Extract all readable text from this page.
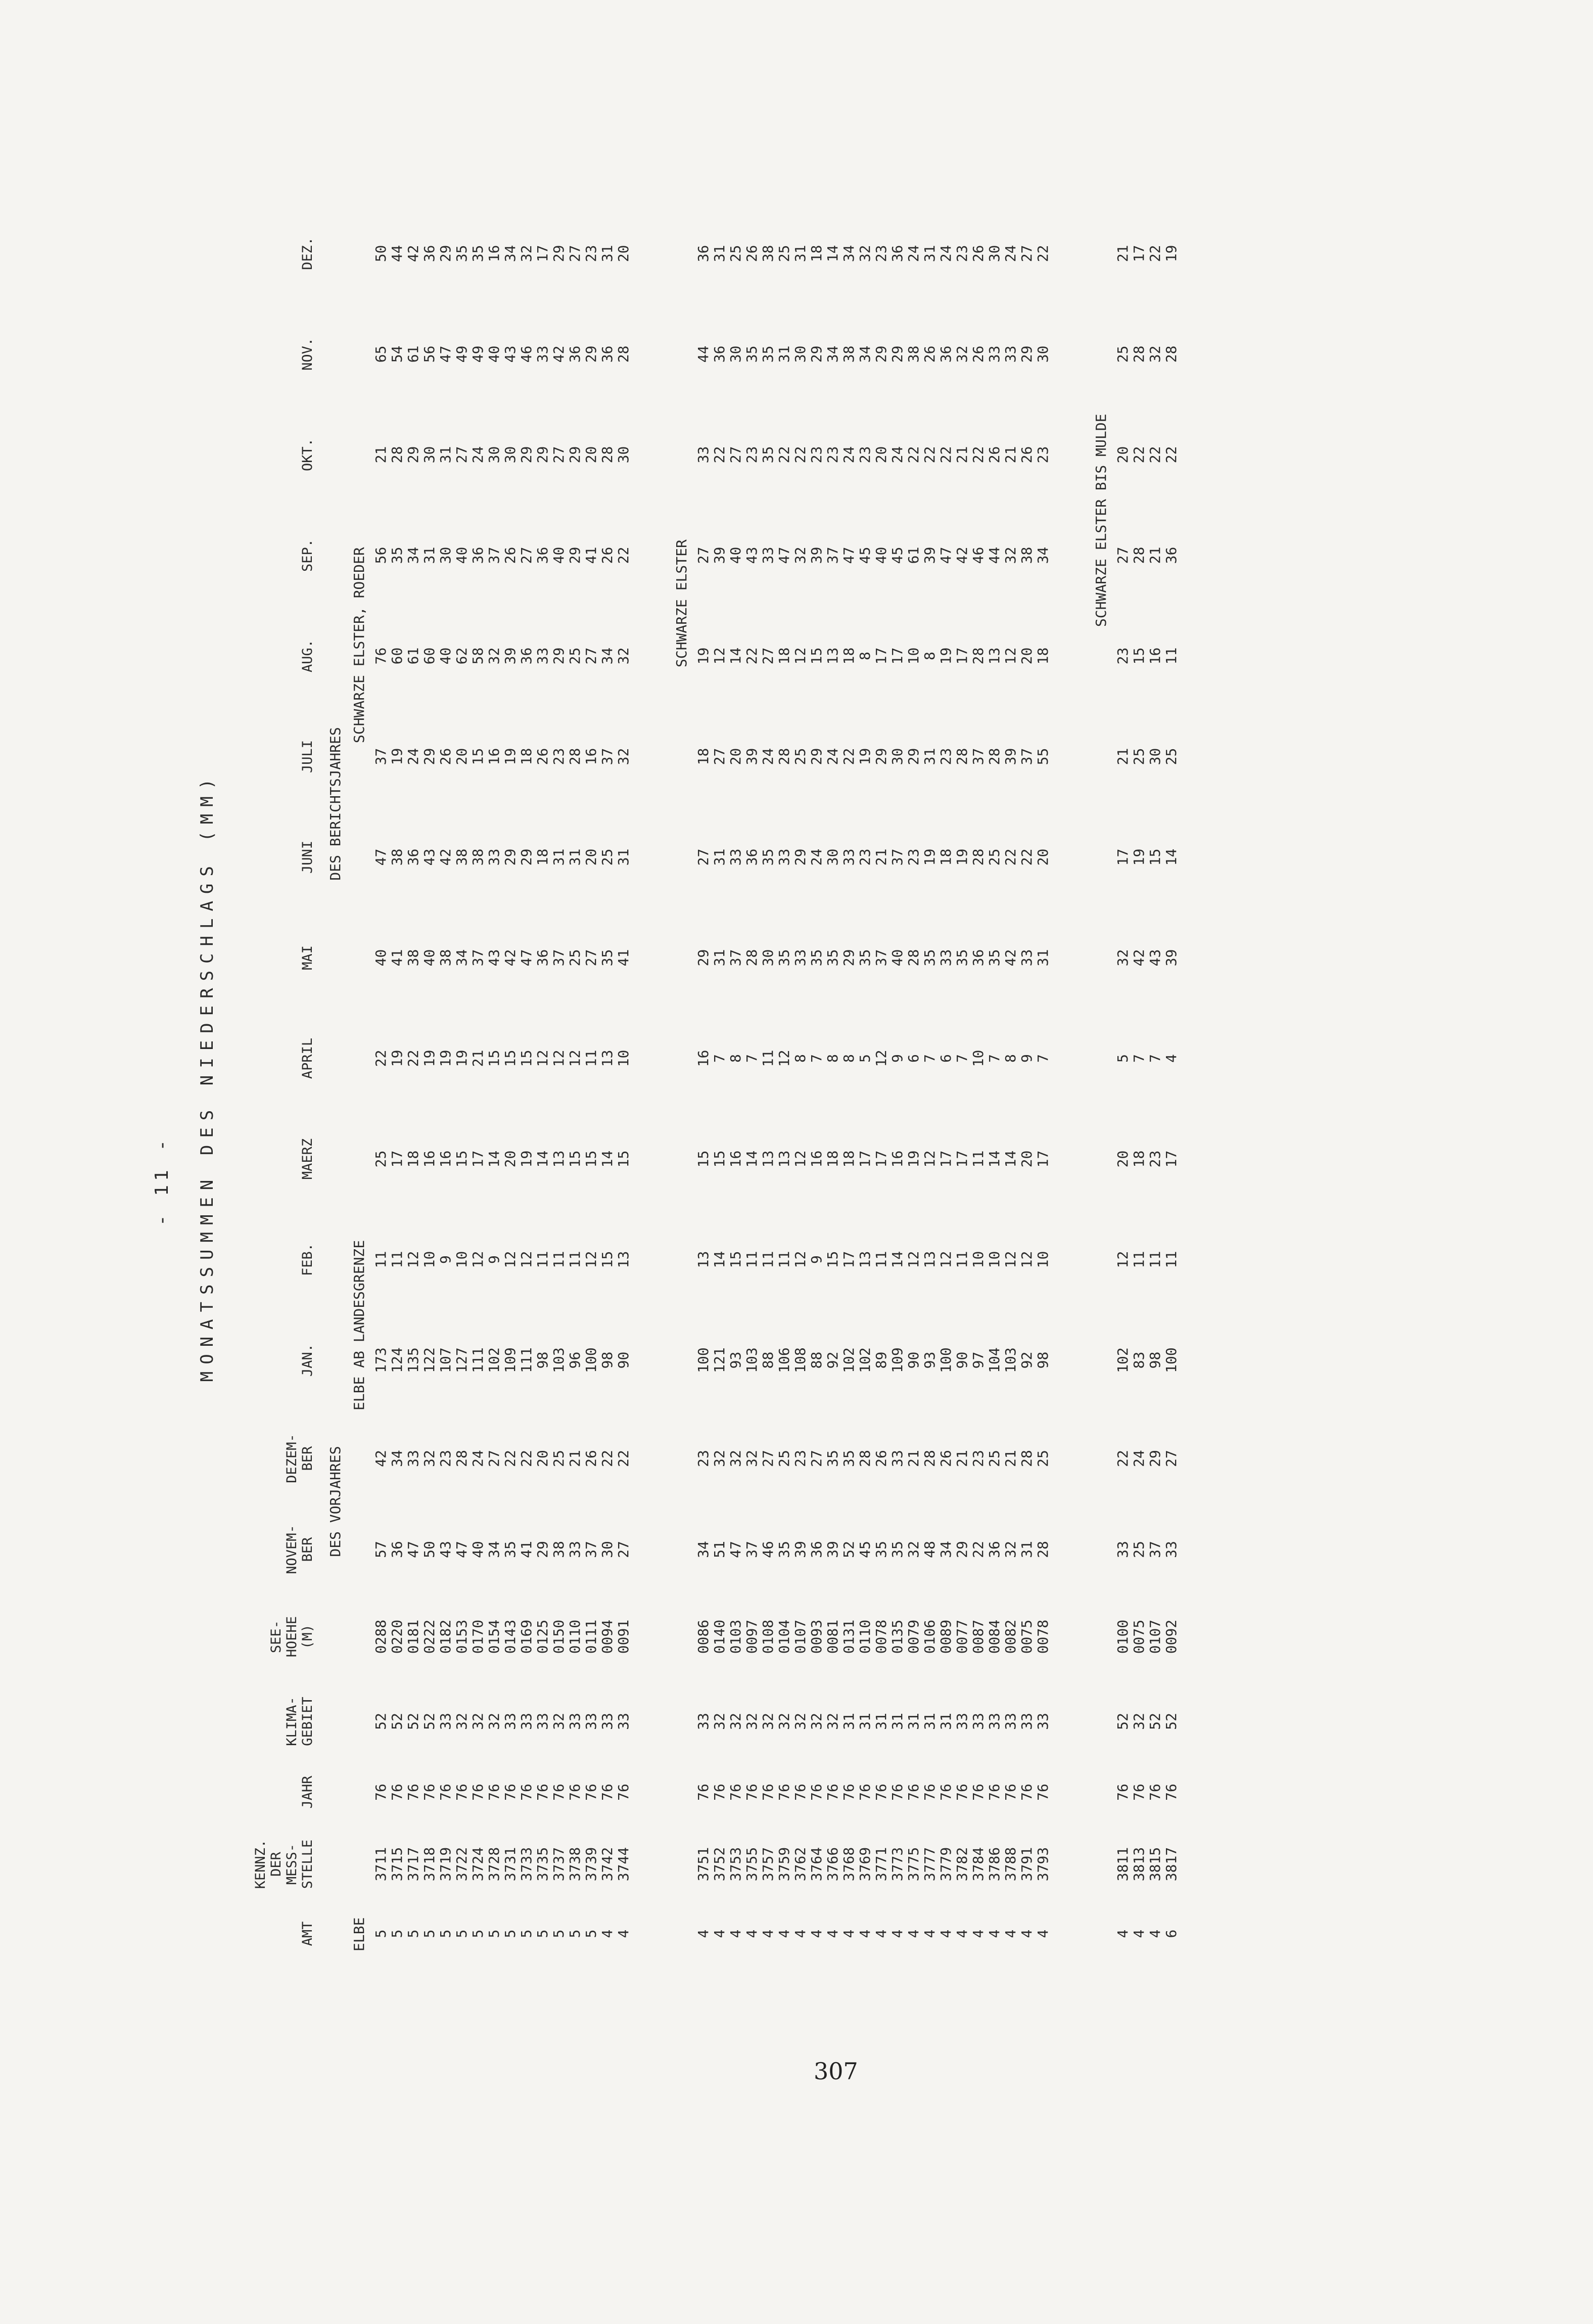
- 11 - MONATSSUMMEN DES NIEDERSCHLAGS (MM)
AMT
KENNZ.
DER
MESS-
STELLE
JAHR
KLIMA-
GEBIET
SEE-
HOEHE
(M)
NOVEM-
BER
DEZEM-
BER
JAN.
FEB.
MAERZ
APRIL
MAI
JUNI
JULI
AUG.
SEP.
OKT.
NOV.
DEZ.
DES VORJAHRES
DES BERICHTSJAHRES
ELBE
ELBE AB LANDESGRENZE
SCHWARZE ELSTER, ROEDER
5
3711
76
52
0288
57
42
173
11
25
22
40
47
37
76
56
21
65
50
5
3715
76
52
0220
36
34
124
11
17
19
41
38
19
60
35
28
54
44
5
3717
76
52
0181
47
33
135
12
18
22
38
36
24
61
34
29
61
42
5
3718
76
52
0222
50
32
122
10
16
19
40
43
29
60
31
30
56
36
5
3719
76
33
0182
43
23
107
9
16
19
38
42
26
40
30
31
47
29
5
3722
76
32
0153
47
28
127
10
15
19
34
38
20
62
40
27
49
35
5
3724
76
32
0170
40
24
111
12
17
21
37
38
15
58
36
24
49
35
5
3728
76
32
0154
34
27
102
9
14
15
43
33
16
32
37
30
40
16
5
3731
76
33
0143
35
22
109
12
20
15
42
29
19
39
26
30
43
34
5
3733
76
33
0169
41
22
111
12
19
15
47
29
18
36
27
29
46
32
5
3735
76
33
0125
29
20
98
11
14
12
36
18
26
33
36
29
33
17
5
3737
76
32
0150
38
25
103
11
13
12
37
31
23
29
40
27
42
29
5
3738
76
33
0110
33
21
96
11
15
12
25
31
28
25
29
29
36
27
5
3739
76
33
0111
37
26
100
12
15
11
27
20
16
27
41
20
29
23
4
3742
76
33
0094
30
22
98
15
14
13
35
25
37
34
26
28
36
31
4
3744
76
33
0091
27
22
90
13
15
10
41
31
32
32
22
30
28
20
SCHWARZE ELSTER
4
3751
76
33
0086
34
23
100
13
15
16
29
27
18
19
27
33
44
36
4
3752
76
32
0140
51
32
121
14
15
7
31
31
27
12
39
22
36
31
4
3753
76
32
0103
47
32
93
15
16
8
37
33
20
14
40
27
30
25
4
3755
76
32
0097
37
32
103
11
14
7
28
36
39
22
43
23
35
26
4
3757
76
32
0108
46
27
88
11
13
11
30
35
24
27
33
35
35
38
4
3759
76
32
0104
35
25
106
11
13
12
35
33
28
18
47
22
31
25
4
3762
76
32
0107
39
23
108
12
12
8
33
29
25
12
32
22
30
31
4
3764
76
32
0093
36
27
88
9
16
7
35
24
29
15
39
23
29
18
4
3766
76
32
0081
39
35
92
15
18
8
35
30
24
13
37
23
34
14
4
3768
76
31
0131
52
35
102
17
18
8
29
33
22
18
47
24
38
34
4
3769
76
31
0110
45
28
102
13
17
5
35
23
19
8
45
23
34
32
4
3771
76
31
0078
35
26
89
11
17
12
37
21
29
17
40
20
29
23
4
3773
76
31
0135
35
33
109
14
16
9
40
37
30
17
45
24
29
36
4
3775
76
31
0079
32
21
90
12
19
6
28
23
29
10
61
22
38
24
4
3777
76
31
0106
48
28
93
13
12
7
35
19
31
8
39
22
26
31
4
3779
76
31
0089
34
26
100
12
17
6
33
18
23
19
47
22
36
24
4
3782
76
33
0077
29
21
90
11
17
7
35
19
28
17
42
21
32
23
4
3784
76
33
0087
22
23
97
10
11
10
36
28
37
28
46
22
26
26
4
3786
76
33
0084
36
25
104
10
14
7
35
25
28
13
44
26
33
30
4
3788
76
33
0082
32
21
103
12
14
8
42
22
39
12
32
21
33
24
4
3791
76
33
0075
31
28
92
12
20
9
33
22
37
20
38
26
29
27
4
3793
76
33
0078
28
25
98
10
17
7
31
20
55
18
34
23
30
22
SCHWARZE ELSTER BIS MULDE
4
3811
76
52
0100
33
22
102
12
20
5
32
17
21
23
27
20
25
21
4
3813
76
32
0075
25
24
83
11
18
7
42
19
25
15
28
22
28
17
4
3815
76
52
0107
37
29
98
11
23
7
43
15
30
16
21
22
32
22
6
3817
76
52
0092
33
27
100
11
17
4
39
14
25
11
36
22
28
19
307
